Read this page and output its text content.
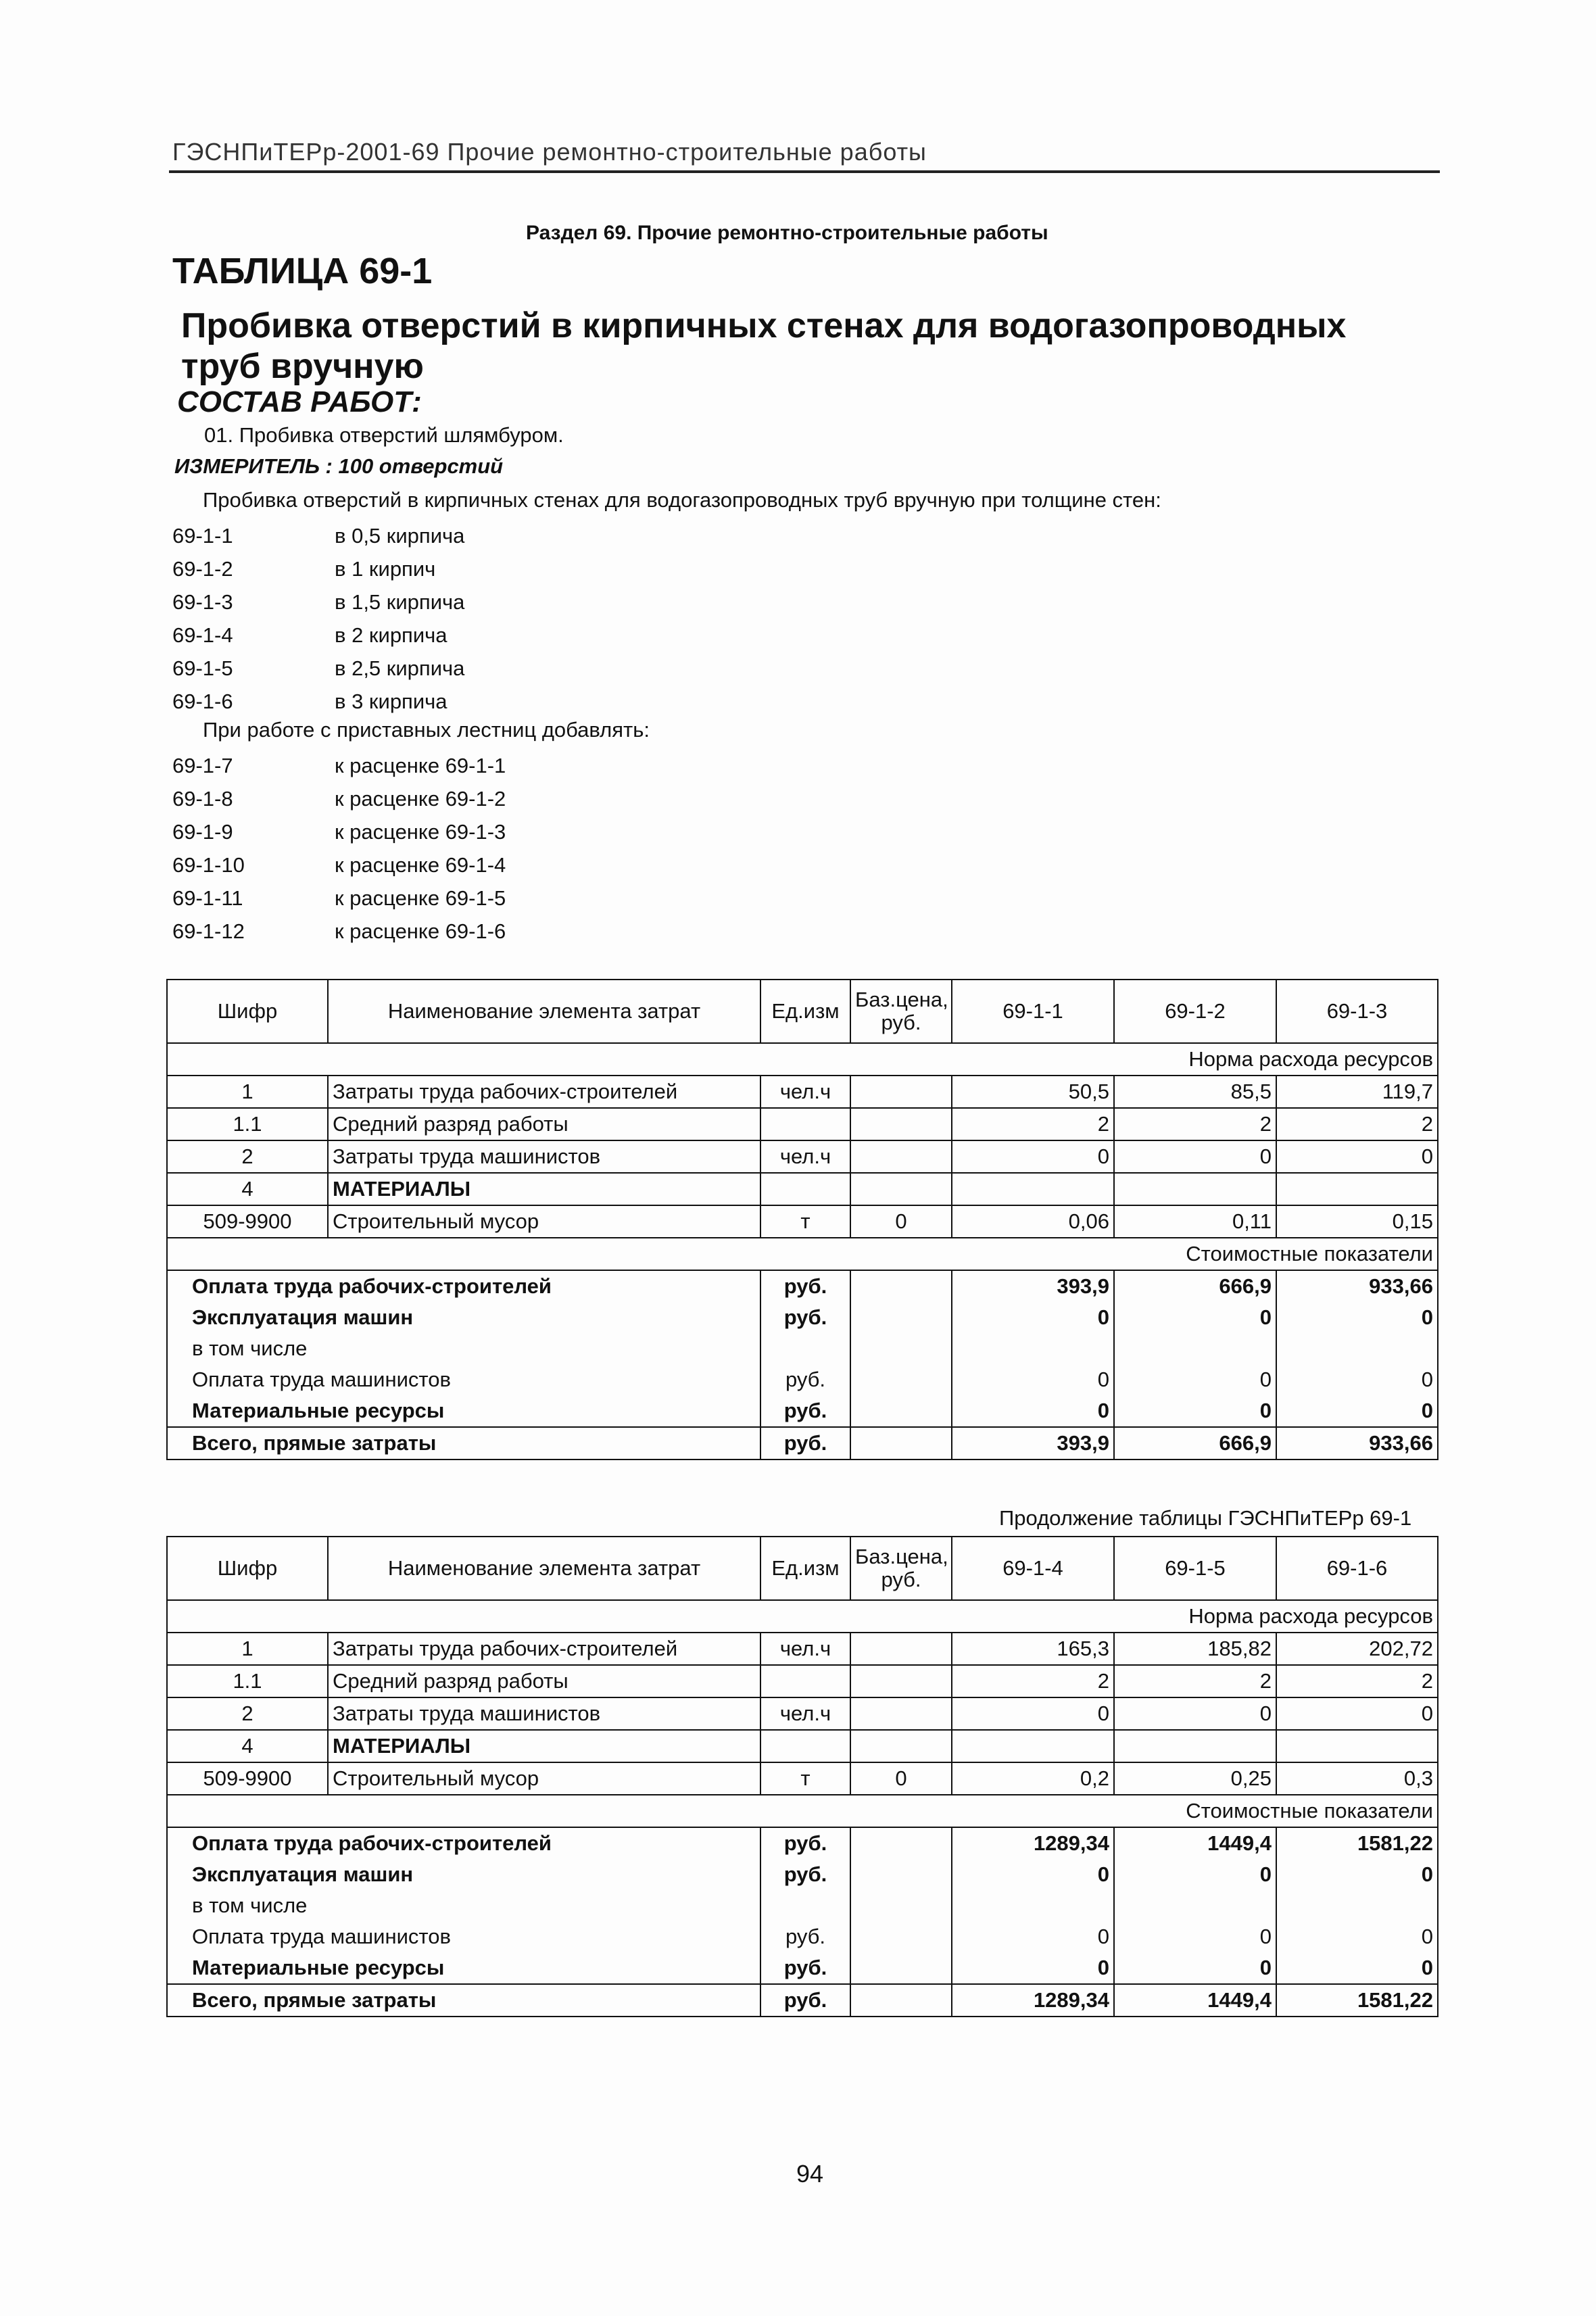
ГЭСНПиТЕРр-2001-69 Прочие ремонтно-строительные работы
Раздел 69. Прочие ремонтно-строительные работы
ТАБЛИЦА 69-1
Пробивка отверстий в кирпичных стенах для водогазопроводных труб вручную
СОСТАВ РАБОТ:
01. Пробивка отверстий шлямбуром.
ИЗМЕРИТЕЛЬ : 100 отверстий
Пробивка отверстий в кирпичных стенах для водогазопроводных труб вручную при толщине стен:
69-1-1	в 0,5 кирпича
69-1-2	в 1 кирпич
69-1-3	в 1,5 кирпича
69-1-4	в 2 кирпича
69-1-5	в 2,5 кирпича
69-1-6	в 3 кирпича
При работе с приставных лестниц добавлять:
69-1-7	к расценке 69-1-1
69-1-8	к расценке 69-1-2
69-1-9	к расценке 69-1-3
69-1-10	к расценке 69-1-4
69-1-11	к расценке 69-1-5
69-1-12	к расценке 69-1-6
Шифр	Наименование элемента затрат	Ед.изм	Баз.цена, руб.	69-1-1	69-1-2	69-1-3
Норма расхода ресурсов						
1	Затраты труда рабочих-строителей	чел.ч		50,5	85,5	119,7
1.1	Средний разряд работы			2	2	2
2	Затраты труда машинистов	чел.ч		0	0	0
4	МАТЕРИАЛЫ					
509-9900	Строительный мусор	т	0	0,06	0,11	0,15
Стоимостные показатели						
Оплата труда рабочих-строителей		руб.		393,9	666,9	933,66
Эксплуатация машин		руб.		0	0	0
в том числе						
Оплата труда машинистов		руб.		0	0	0
Материальные ресурсы		руб.		0	0	0
Всего, прямые затраты		руб.		393,9	666,9	933,66
Продолжение таблицы ГЭСНПиТЕРр 69-1
Шифр	Наименование элемента затрат	Ед.изм	Баз.цена, руб.	69-1-4	69-1-5	69-1-6
Норма расхода ресурсов						
1	Затраты труда рабочих-строителей	чел.ч		165,3	185,82	202,72
1.1	Средний разряд работы			2	2	2
2	Затраты труда машинистов	чел.ч		0	0	0
4	МАТЕРИАЛЫ					
509-9900	Строительный мусор	т	0	0,2	0,25	0,3
Стоимостные показатели						
Оплата труда рабочих-строителей		руб.		1289,34	1449,4	1581,22
Эксплуатация машин		руб.		0	0	0
в том числе						
Оплата труда машинистов		руб.		0	0	0
Материальные ресурсы		руб.		0	0	0
Всего, прямые затраты		руб.		1289,34	1449,4	1581,22
94
